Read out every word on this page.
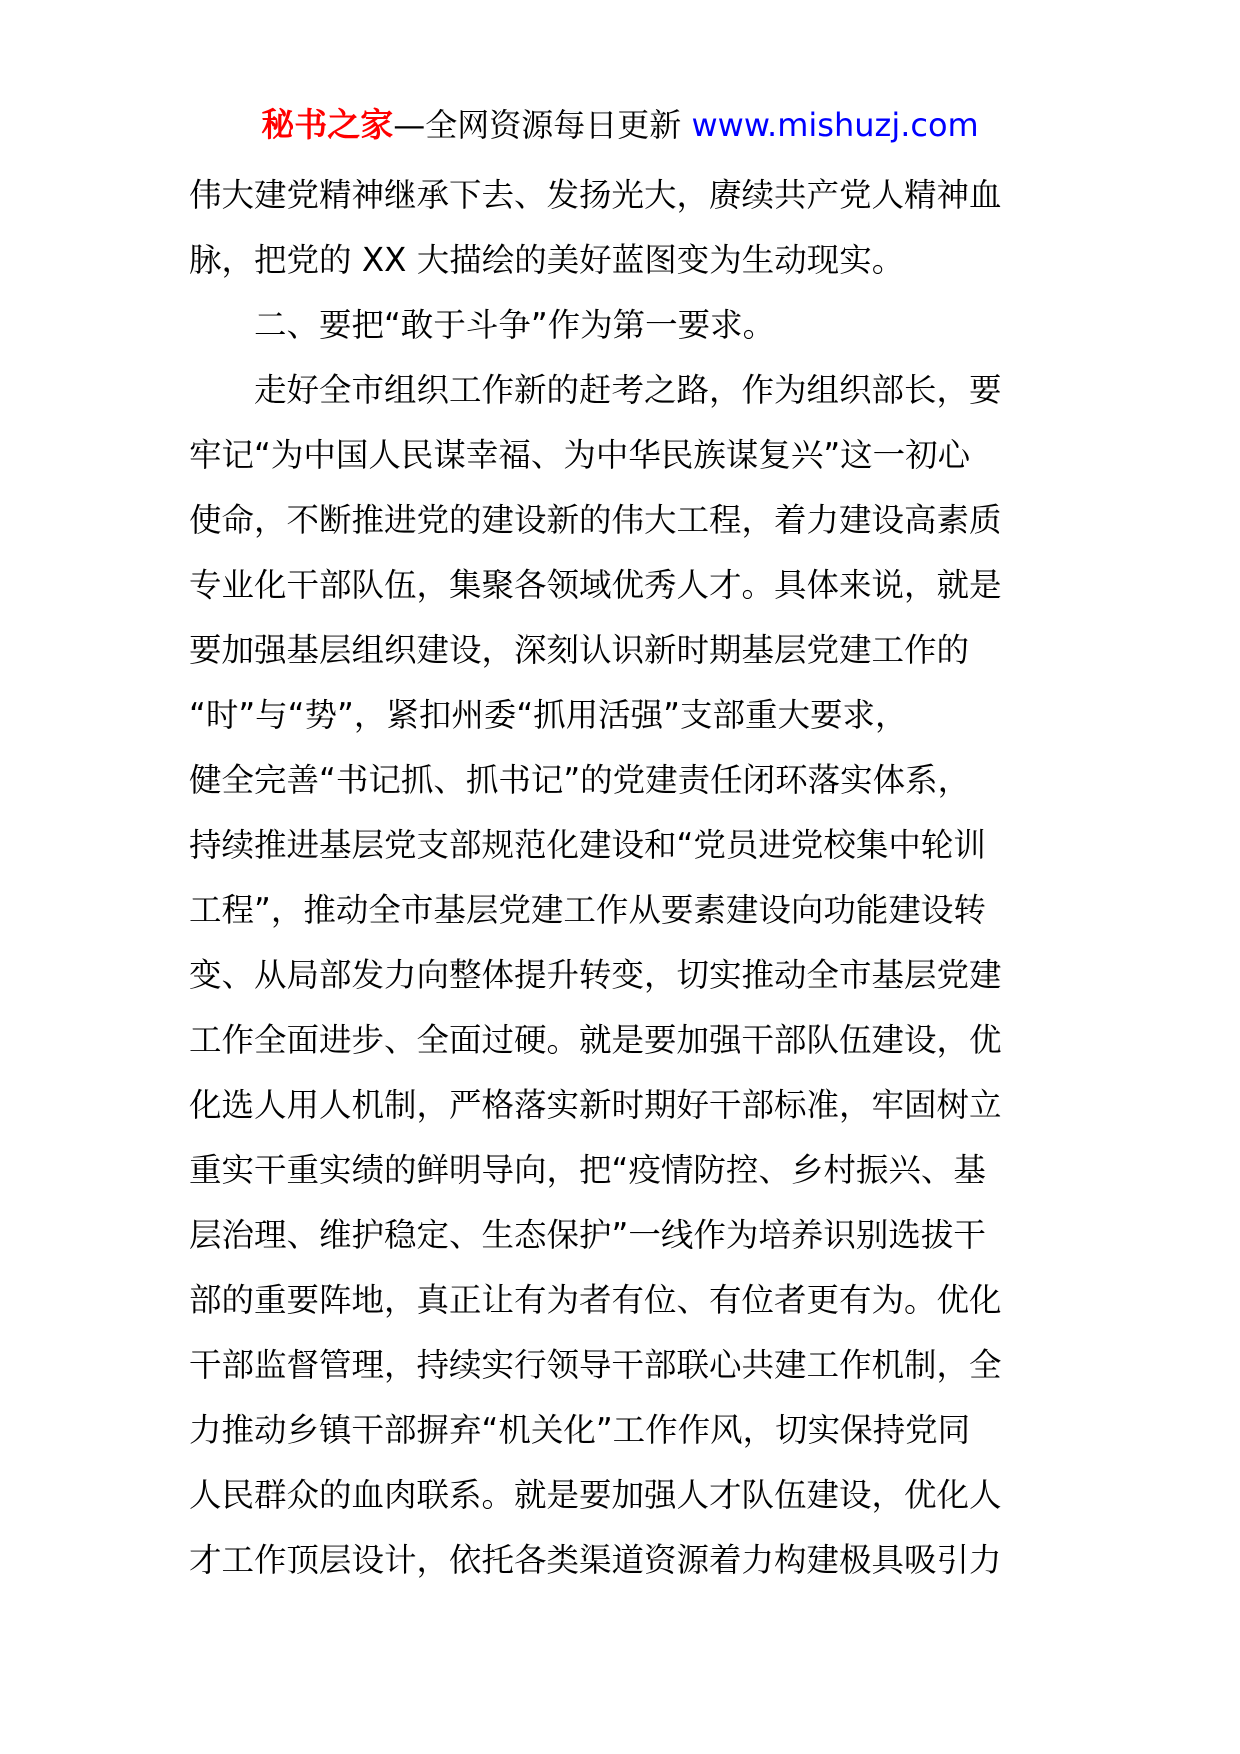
秘书之家—全网资源每日更新 www.mishuzj.com
伟大建党精神继承下去、发扬光大，赓续共产党人精神血
脉，把党的 XX 大描绘的美好蓝图变为生动现实。
二、要把“敢于斗争”作为第一要求。
走好全市组织工作新的赶考之路，作为组织部长，要
牢记“为中国人民谋幸福、为中华民族谋复兴”这一初心
使命，不断推进党的建设新的伟大工程，着力建设高素质
专业化干部队伍，集聚各领域优秀人才。具体来说，就是
要加强基层组织建设，深刻认识新时期基层党建工作的
“时”与“势”，紧扣州委“抓用活强”支部重大要求，
健全完善“书记抓、抓书记”的党建责任闭环落实体系，
持续推进基层党支部规范化建设和“党员进党校集中轮训
工程”，推动全市基层党建工作从要素建设向功能建设转
变、从局部发力向整体提升转变，切实推动全市基层党建
工作全面进步、全面过硬。就是要加强干部队伍建设，优
化选人用人机制，严格落实新时期好干部标准，牢固树立
重实干重实绩的鲜明导向，把“疫情防控、乡村振兴、基
层治理、维护稳定、生态保护”一线作为培养识别选拔干
部的重要阵地，真正让有为者有位、有位者更有为。优化
干部监督管理，持续实行领导干部联心共建工作机制，全
力推动乡镇干部摒弃“机关化”工作作风，切实保持党同
人民群众的血肉联系。就是要加强人才队伍建设，优化人
才工作顶层设计，依托各类渠道资源着力构建极具吸引力
